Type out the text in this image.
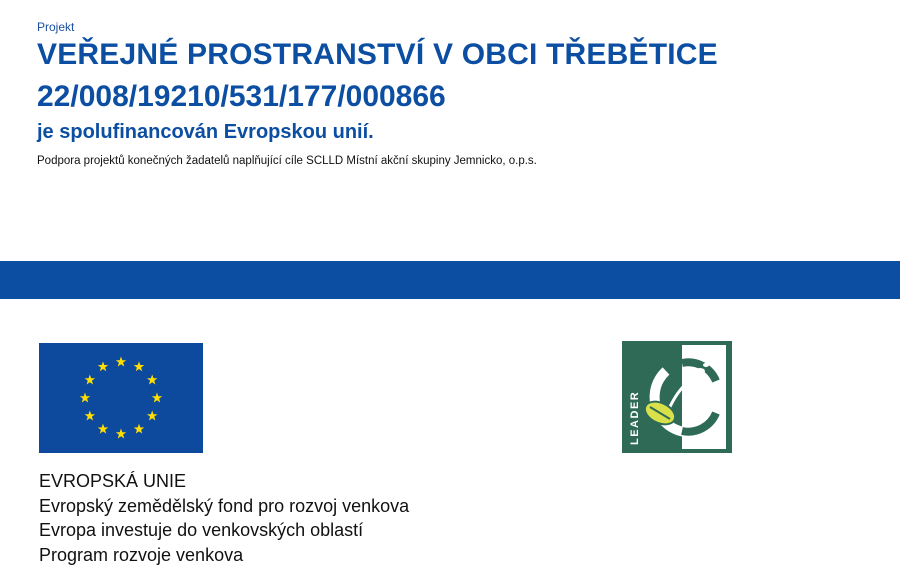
Projekt
VEŘEJNÉ PROSTRANSTVÍ V OBCI TŘEBĚTICE
22/008/19210/531/177/000866
je spolufinancován Evropskou unií.
Podpora projektů konečných žadatelů naplňující cíle SCLLD Místní akční skupiny Jemnicko, o.p.s.
LEADER
EVROPSKÁ UNIE
Evropský zemědělský fond pro rozvoj venkova
Evropa investuje do venkovských oblastí
Program rozvoje venkova
